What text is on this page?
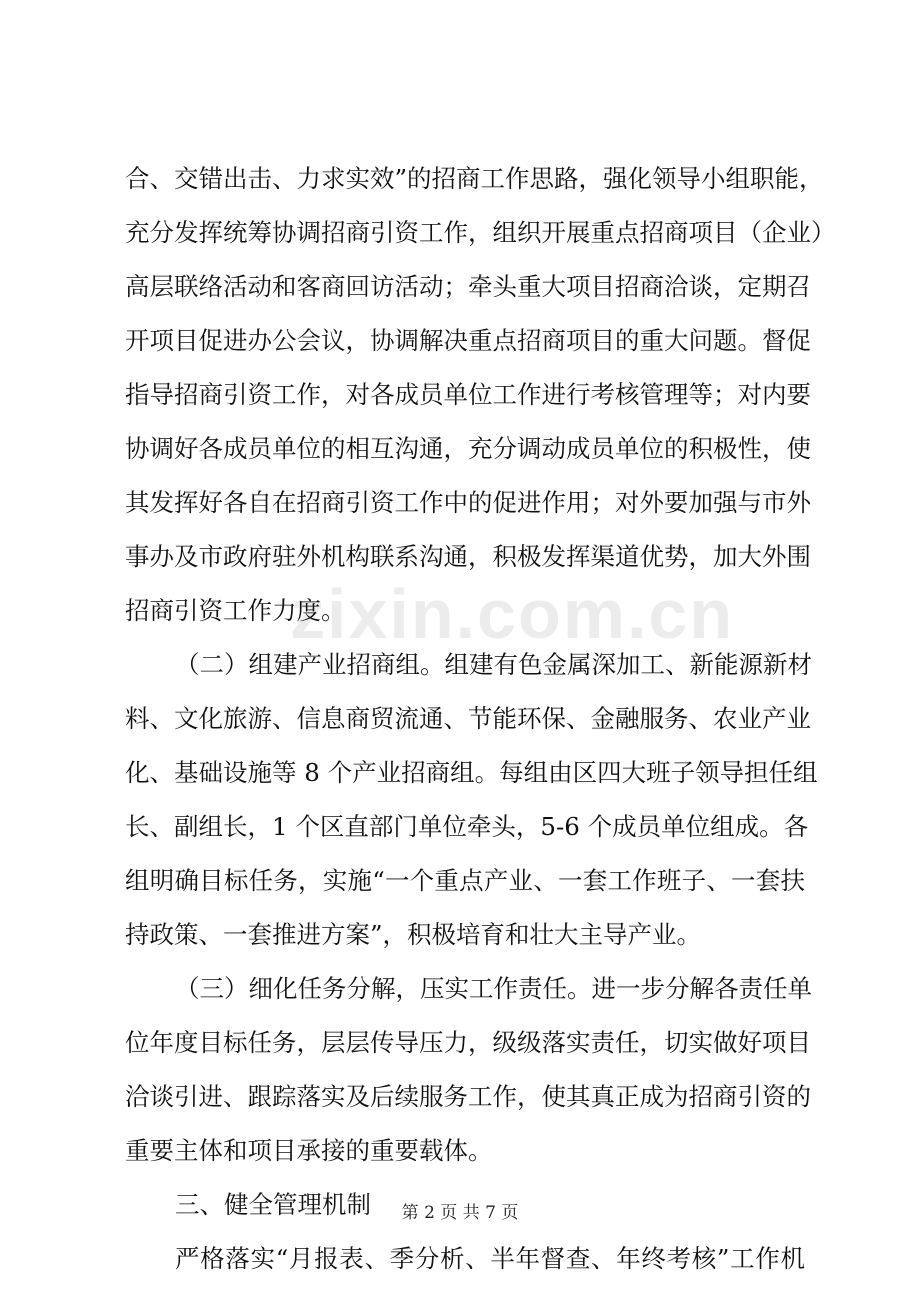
zixin.com.cn
合、交错出击、力求实效”的招商工作思路，强化领导小组职能，
充分发挥统筹协调招商引资工作，组织开展重点招商项目（企业）
高层联络活动和客商回访活动；牵头重大项目招商洽谈，定期召
开项目促进办公会议，协调解决重点招商项目的重大问题。督促
指导招商引资工作，对各成员单位工作进行考核管理等；对内要
协调好各成员单位的相互沟通，充分调动成员单位的积极性，使
其发挥好各自在招商引资工作中的促进作用；对外要加强与市外
事办及市政府驻外机构联系沟通，积极发挥渠道优势，加大外围
招商引资工作力度。
（二）组建产业招商组。组建有色金属深加工、新能源新材
料、文化旅游、信息商贸流通、节能环保、金融服务、农业产业
化、基础设施等 8 个产业招商组。每组由区四大班子领导担任组
长、副组长，1 个区直部门单位牵头，5-6 个成员单位组成。各
组明确目标任务，实施“一个重点产业、一套工作班子、一套扶
持政策、一套推进方案”，积极培育和壮大主导产业。
（三）细化任务分解，压实工作责任。进一步分解各责任单
位年度目标任务，层层传导压力，级级落实责任，切实做好项目
洽谈引进、跟踪落实及后续服务工作，使其真正成为招商引资的
重要主体和项目承接的重要载体。
三、健全管理机制
严格落实“月报表、季分析、半年督查、年终考核”工作机
第 2 页 共 7 页
